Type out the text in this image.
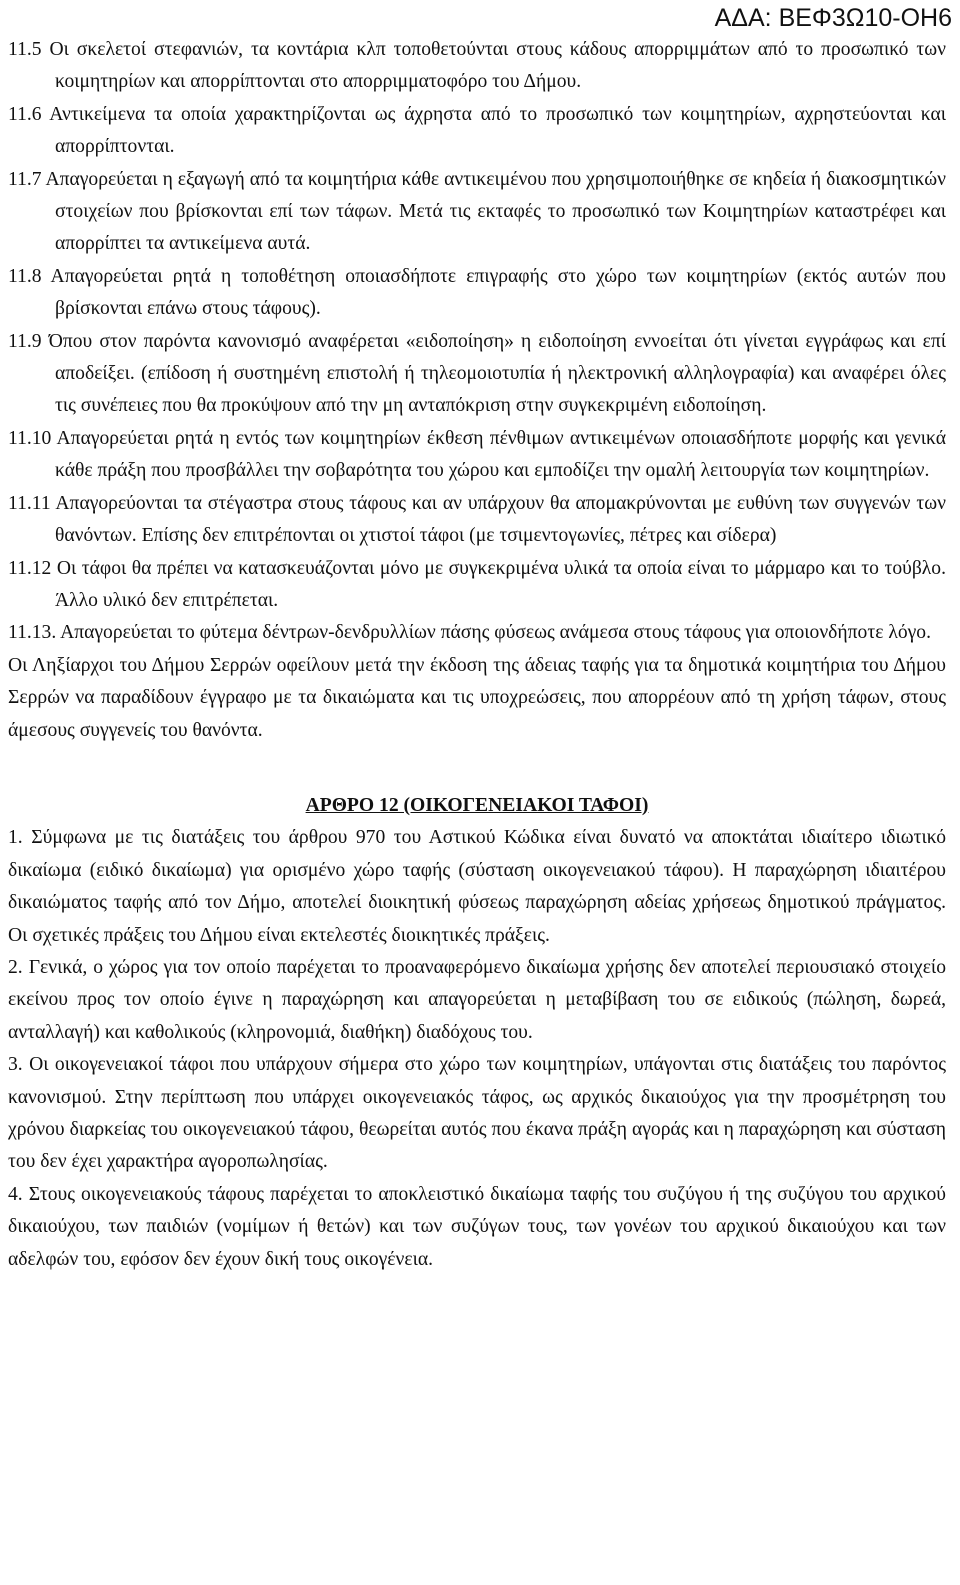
ΑΔΑ: ΒΕΦ3Ω10-ΟΗ6

11.5 Οι σκελετοί στεφανιών, τα κοντάρια κλπ τοποθετούνται στους κάδους απορριμμάτων από το προσωπικό των κοιμητηρίων και απορρίπτονται στο απορριμματοφόρο του Δήμου.

11.6 Αντικείμενα τα οποία χαρακτηρίζονται ως άχρηστα από το προσωπικό των κοιμητηρίων, αχρηστεύονται και απορρίπτονται.

11.7 Απαγορεύεται η εξαγωγή από τα κοιμητήρια κάθε αντικειμένου που χρησιμοποιήθηκε σε κηδεία ή διακοσμητικών στοιχείων που βρίσκονται επί των τάφων. Μετά τις εκταφές το προσωπικό των Κοιμητηρίων καταστρέφει και απορρίπτει τα αντικείμενα αυτά.

11.8 Απαγορεύεται ρητά η τοποθέτηση οποιασδήποτε επιγραφής στο χώρο των κοιμητηρίων (εκτός αυτών που βρίσκονται επάνω στους τάφους).

11.9 Όπου στον παρόντα κανονισμό αναφέρεται «ειδοποίηση» η ειδοποίηση εννοείται ότι γίνεται εγγράφως και επί αποδείξει. (επίδοση ή συστημένη επιστολή ή τηλεομοιοτυπία ή ηλεκτρονική αλληλογραφία) και αναφέρει όλες τις συνέπειες που θα προκύψουν από την μη ανταπόκριση στην συγκεκριμένη ειδοποίηση.

11.10 Απαγορεύεται ρητά η εντός των κοιμητηρίων έκθεση πένθιμων αντικειμένων οποιασδήποτε μορφής και γενικά κάθε πράξη που προσβάλλει την σοβαρότητα του χώρου και εμποδίζει την ομαλή λειτουργία των κοιμητηρίων.

11.11 Απαγορεύονται τα στέγαστρα στους τάφους και αν υπάρχουν θα απομακρύνονται με ευθύνη των συγγενών των θανόντων. Επίσης δεν επιτρέπονται οι χτιστοί τάφοι (με τσιμεντογωνίες, πέτρες και σίδερα)

11.12 Οι τάφοι θα πρέπει να κατασκευάζονται μόνο με συγκεκριμένα υλικά τα οποία είναι το μάρμαρο και το τούβλο. Άλλο υλικό δεν επιτρέπεται.

11.13. Απαγορεύεται το φύτεμα δέντρων-δενδρυλλίων πάσης φύσεως ανάμεσα στους τάφους για οποιονδήποτε λόγο.

Οι Ληξίαρχοι του Δήμου Σερρών οφείλουν μετά την έκδοση της άδειας ταφής για τα δημοτικά κοιμητήρια του Δήμου Σερρών να παραδίδουν έγγραφο με τα δικαιώματα και τις υποχρεώσεις, που απορρέουν από τη χρήση τάφων, στους άμεσους συγγενείς του θανόντα.

ΑΡΘΡΟ 12 (ΟΙΚΟΓΕΝΕΙΑΚΟΙ ΤΑΦΟΙ)

1. Σύμφωνα με τις διατάξεις του άρθρου 970 του Αστικού Κώδικα είναι δυνατό να αποκτάται ιδιαίτερο ιδιωτικό δικαίωμα (ειδικό δικαίωμα) για ορισμένο χώρο ταφής (σύσταση οικογενειακού τάφου). Η παραχώρηση ιδιαιτέρου δικαιώματος ταφής από τον Δήμο, αποτελεί διοικητική φύσεως παραχώρηση αδείας χρήσεως δημοτικού πράγματος. Οι σχετικές πράξεις του Δήμου είναι εκτελεστές διοικητικές πράξεις.

2. Γενικά, ο χώρος για τον οποίο παρέχεται το προαναφερόμενο δικαίωμα χρήσης δεν αποτελεί περιουσιακό στοιχείο εκείνου προς τον οποίο έγινε η παραχώρηση και απαγορεύεται η μεταβίβαση του σε ειδικούς (πώληση, δωρεά, ανταλλαγή) και καθολικούς (κληρονομιά, διαθήκη) διαδόχους του.

3. Οι οικογενειακοί τάφοι που υπάρχουν σήμερα στο χώρο των κοιμητηρίων, υπάγονται στις διατάξεις του παρόντος κανονισμού. Στην περίπτωση που υπάρχει οικογενειακός τάφος, ως αρχικός δικαιούχος για την προσμέτρηση του χρόνου διαρκείας του οικογενειακού τάφου, θεωρείται αυτός που έκανα πράξη αγοράς και η παραχώρηση και σύσταση του δεν έχει χαρακτήρα αγοροπωλησίας.

4. Στους οικογενειακούς τάφους παρέχεται το αποκλειστικό δικαίωμα ταφής του συζύγου ή της συζύγου του αρχικού δικαιούχου, των παιδιών (νομίμων ή θετών) και των συζύγων τους, των γονέων του αρχικού δικαιούχου και των αδελφών του, εφόσον δεν έχουν δική τους οικογένεια.
